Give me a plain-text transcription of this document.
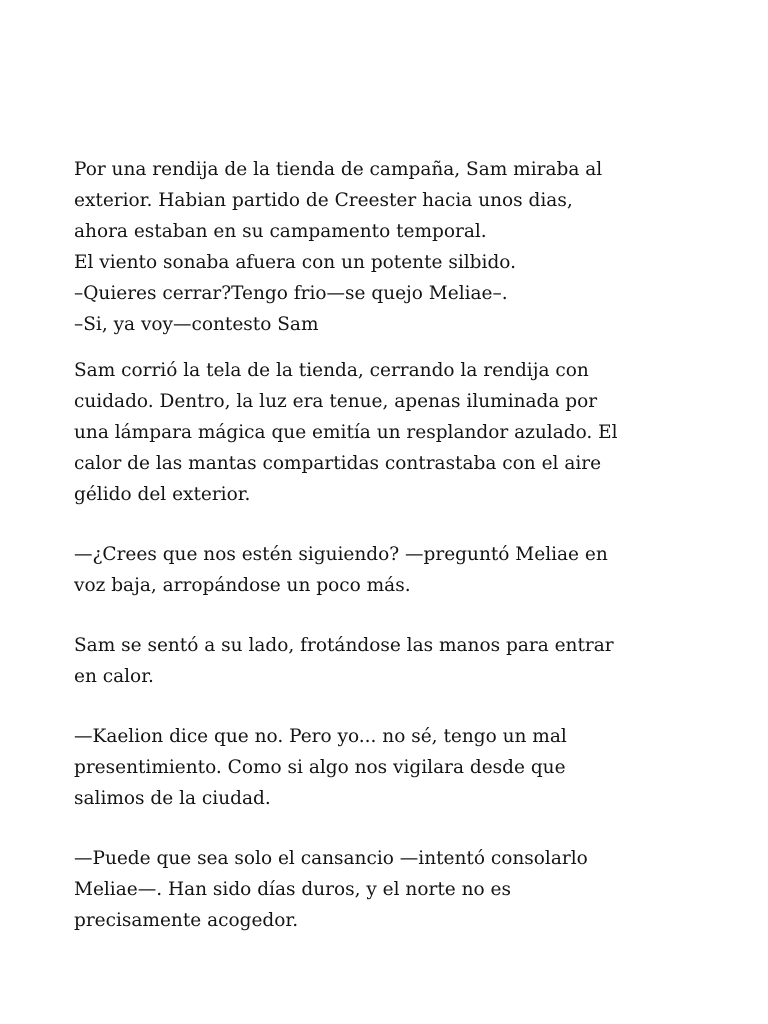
Por una rendija de la tienda de campaña, Sam miraba al
exterior. Habian partido de Creester hacia unos dias,
ahora estaban en su campamento temporal.
El viento sonaba afuera con un potente silbido.
–Quieres cerrar?Tengo frio—se quejo Meliae–.
–Si, ya voy—contesto Sam
Sam corrió la tela de la tienda, cerrando la rendija con
cuidado. Dentro, la luz era tenue, apenas iluminada por
una lámpara mágica que emitía un resplandor azulado. El
calor de las mantas compartidas contrastaba con el aire
gélido del exterior.
—¿Crees que nos estén siguiendo? —preguntó Meliae en
voz baja, arropándose un poco más.
Sam se sentó a su lado, frotándose las manos para entrar
en calor.
—Kaelion dice que no. Pero yo... no sé, tengo un mal
presentimiento. Como si algo nos vigilara desde que
salimos de la ciudad.
—Puede que sea solo el cansancio —intentó consolarlo
Meliae—. Han sido días duros, y el norte no es
precisamente acogedor.
